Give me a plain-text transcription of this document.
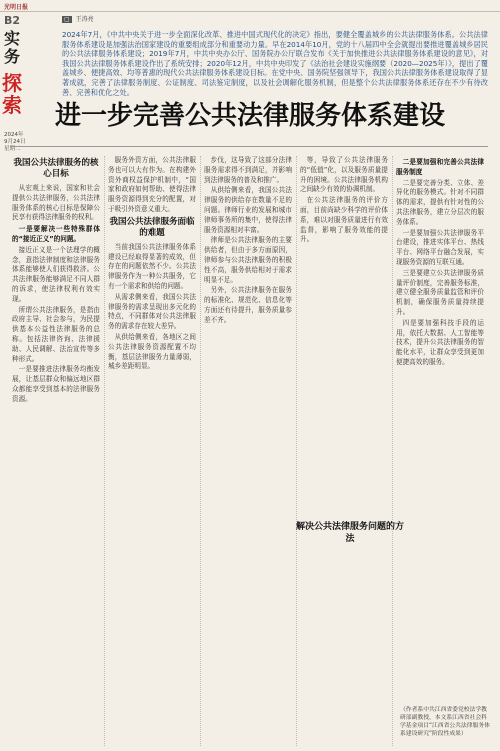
光明日报
B2
实务
探索
2024年
9月24日
星期二
▢ 王涛亮
2024年7月，《中共中央关于进一步全面深化改革、推进中国式现代化的决定》指出，要健全覆盖城乡的公共法律服务体系。公共法律服务体系建设是加强法治国家建设的重要组成部分和重要动力量。早在2014年10月，党的十八届四中全会就提出要推进覆盖城乡居民的公共法律服务体系建设；2019年7月，中共中央办公厅、国务院办公厅联合发布《关于加快推进公共法律服务体系建设的意见》，对我国公共法律服务体系建设作出了系统安排；2020年12月，中共中央印发了《法治社会建设实施纲要（2020—2025年）》，提出了覆盖城乡、便捷高效、均等普惠的现代公共法律服务体系建设目标。在党中央、国务院坚强领导下，我国公共法律服务体系建设取得了显著成就，完善了法律服务制度、公证制度、司法鉴定制度，以及社会调解化服务机制，但是整个公共法律服务体系还存在不少有待改善、完善和优化之处。
进一步完善公共法律服务体系建设
我国公共法律服务的核心目标

从宏观上来说，国家和社会提供公共法律服务，公共法律服务体系的核心目标是保障公民享有获得法律服务的权利。

一是要解决一些特殊群体的“接近正义”的问题。

接近正义是一个法理学的概念，意指法律制度和法律服务体系能够使人们获得救济。公共法律服务能够满足不同人群的诉求，使法律权利有效实现。

所谓公共法律服务，是指由政府主导、社会参与，为民提供基本公益性法律服务的总称。包括法律咨询、法律援助、人民调解、法治宣传等多种形式。

一是要推进法律服务均衡发展，让基层群众和偏远地区群众都能享受到基本的法律服务资源。

服务外资方面，公共法律服务也可以大有作为。在构建外资外商权益保护机制中，“国家和政府如何帮助、使得法律服务资源得到充分的配置，对于吸引外资意义重大。

我国公共法律服务面临的难题

当前我国公共法律服务体系建设已经取得显著的成效，但存在的问题依然不少。公共法律服务作为一种公共服务，它有一个需求和供给的问题。

从需求侧来看，我国公共法律服务的需求呈现出多元化的特点，不同群体对公共法律服务的需求存在较大差异。

从供给侧来看，各地区之间公共法律服务资源配置不均衡，基层法律服务力量薄弱，城乡差距明显。

步伐，这导致了这部分法律服务需求得不到满足，并影响到法律服务的普及和推广。

从供给侧来看，我国公共法律服务的供给存在数量不足的问题。律师行业的发展和城市律师事务所的集中，使得法律服务资源相对丰富。

律师是公共法律服务的主要供给者，但由于多方面原因，律师参与公共法律服务的积极性不高，服务供给相对于需求明显不足。

另外，公共法律服务在服务的标准化、规范化、信息化等方面还有待提升，服务质量参差不齐。

等，导致了公共法律服务的“低值”化，以及服务质量提升的困境。公共法律服务机构之间缺少有效的协调机制。

在公共法律服务的评价方面，目前尚缺少科学的评价体系，难以对服务质量进行有效监督，影响了服务效能的提升。

解决公共法律服务问题的方法
二是要加强和完善公共法律服务制度

二是要完善分类、立体、差异化的服务模式。针对不同群体的需求，提供有针对性的公共法律服务，建立分层次的服务体系。

一是要加强公共法律服务平台建设，推进实体平台、热线平台、网络平台融合发展，实现服务资源的互联互通。

三是要建立公共法律服务质量评价制度，完善服务标准，建立健全服务质量监管和评价机制，确保服务质量持续提升。

四是要加强科技手段的运用，依托大数据、人工智能等技术，提升公共法律服务的智能化水平，让群众享受到更加便捷高效的服务。

（作者系中共江西省委党校法学教研部副教授，本文系江西省社会科学基金项目“江西省公共法律服务体系建设研究”阶段性成果）
